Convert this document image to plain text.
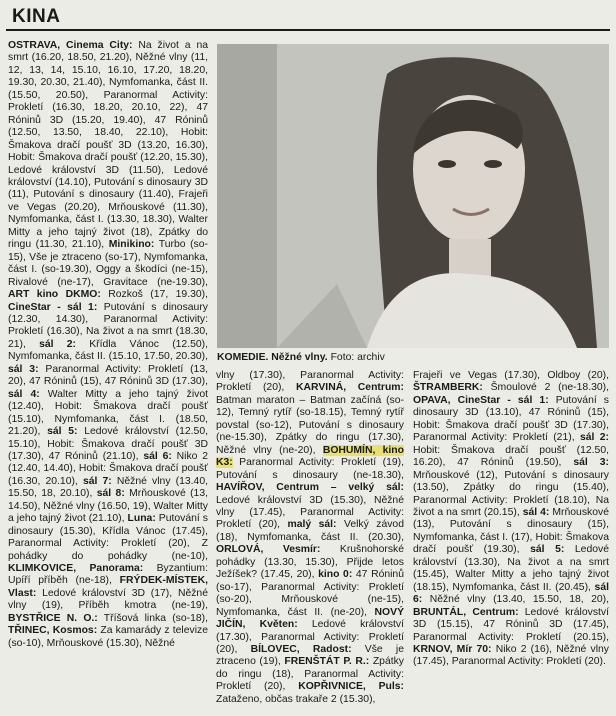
KINA

OSTRAVA, Cinema City: Na život a na smrt (16.20, 18.50, 21.20), Něžné vlny (11, 12, 13, 14, 15.10, 16.10, 17.20, 18.20, 19.30, 20.30, 21.40), Nymfomanka, část II. (15.50, 20.50), Paranormal Activity: Prokletí (16.30, 18.20, 20.10, 22), 47 Róninů 3D (15.20, 19.40), 47 Róninů (12.50, 13.50, 18.40, 22.10), Hobit: Šmakova dračí poušť 3D (13.20, 16.30), Hobit: Šmakova dračí poušť (12.20, 15.30), Ledové království 3D (11.50), Ledové království (14.10), Putování s dinosaury 3D (11), Putování s dinosaury (11.40), Frajeři ve Vegas (20.20), Mrňouskové (11.30), Nymfomanka, část I. (13.30, 18.30), Walter Mitty a jeho tajný život (18), Zpátky do ringu (11.30, 21.10), Minikino: Turbo (so-15), Vše je ztraceno (so-17), Nymfomanka, část I. (so-19.30), Oggy a škodíci (ne-15), Rivalové (ne-17), Gravitace (ne-19.30), ART kino DKMO: Rozkoš (17, 19.30), CineStar - sál 1: Putování s dinosaury (12.30, 14.30), Paranormal Activity: Prokletí (16.30), Na život a na smrt (18.30, 21), sál 2: Křídla Vánoc (12.50), Nymfomanka, část II. (15.10, 17.50, 20.30), sál 3: Paranormal Activity: Prokletí (13, 20), 47 Róninů (15), 47 Róninů 3D (17.30), sál 4: Walter Mitty a jeho tajný život (12.40), Hobit: Šmakova dračí poušť (15.10), Nymfomanka, část I. (18.50, 21.20), sál 5: Ledové království (12.50, 15.10), Hobit: Šmakova dračí poušť 3D (17.30), 47 Róninů (21.10), sál 6: Niko 2 (12.40, 14.40), Hobit: Šmakova dračí poušť (16.30, 20.10), sál 7: Něžné vlny (13.40, 15.50, 18, 20.10), sál 8: Mrňouskové (13, 14.50), Něžné vlny (16.50, 19), Walter Mitty a jeho tajný život (21.10), Luna: Putování s dinosaury (15.30), Křídla Vánoc (17.45), Paranormal Activity: Prokletí (20), Z pohádky do pohádky (ne-10), KLIMKOVICE, Panorama: Byzantium: Upíří příběh (ne-18), FRÝDEK-MÍSTEK, Vlast: Ledové království 3D (17), Něžné vlny (19), Příběh kmotra (ne-19), BYSTŘICE N. O.: Tříšová linka (so-18), TŘINEC, Kosmos: Za kamarády z televize (so-10), Mrňouskové (15.30), Něžné

KOMEDIE. Něžné vlny. Foto: archiv

vlny (17.30), Paranormal Activity: Prokletí (20), KARVINÁ, Centrum: Batman maraton – Batman začíná (so-12), Temný rytíř (so-18.15), Temný rytíř povstal (so-12), Putování s dinosaury (ne-15.30), Zpátky do ringu (17.30), Něžné vlny (ne-20), BOHUMÍN, kino K3: Paranormal Activity: Prokletí (19), Putování s dinosaury (ne-18.30), HAVÍŘOV, Centrum – velký sál: Ledové království 3D (15.30), Něžné vlny (17.45), Paranormal Activity: Prokletí (20), malý sál: Velký závod (18), Nymfomanka, část II. (20.30), ORLOVÁ, Vesmír: Krušnohorské pohádky (13.30, 15.30), Přijde letos Ježíšek? (17.45, 20), kino 0: 47 Róninů (so-17), Paranormal Activity: Prokletí (so-20), Mrňouskové (ne-15), Nymfomanka, část II. (ne-20), NOVÝ JIČÍN, Květen: Ledové království (17.30), Paranormal Activity: Prokletí (20), BÍLOVEC, Radost: Vše je ztraceno (19), FRENŠTÁT P. R.: Zpátky do ringu (18), Paranormal Activity: Prokletí (20), KOPŘIVNICE, Puls: Zataženo, občas trakaře 2 (15.30),

Frajeři ve Vegas (17.30), Oldboy (20), ŠTRAMBERK: Šmoulové 2 (ne-18.30), OPAVA, CineStar - sál 1: Putování s dinosaury 3D (13.10), 47 Róninů (15), Hobit: Šmakova dračí poušť 3D (17.30), Paranormal Activity: Prokletí (21), sál 2: Hobit: Šmakova dračí poušť (12.50, 16.20), 47 Róninů (19.50), sál 3: Mrňouskové (12), Putování s dinosaury (13.50), Zpátky do ringu (15.40), Paranormal Activity: Prokletí (18.10), Na život a na smrt (20.15), sál 4: Mrňouskové (13), Putování s dinosaury (15), Nymfomanka, část I. (17), Hobit: Šmakova dračí poušť (19.30), sál 5: Ledové království (13.30), Na život a na smrt (15.45), Walter Mitty a jeho tajný život (18.15), Nymfomanka, část II. (20.45), sál 6: Něžné vlny (13.40, 15.50, 18, 20), BRUNTÁL, Centrum: Ledové království 3D (15.15), 47 Róninů 3D (17.45), Paranormal Activity: Prokletí (20.15), KRNOV, Mír 70: Niko 2 (16), Něžné vlny (17.45), Paranormal Activity: Prokletí (20).
